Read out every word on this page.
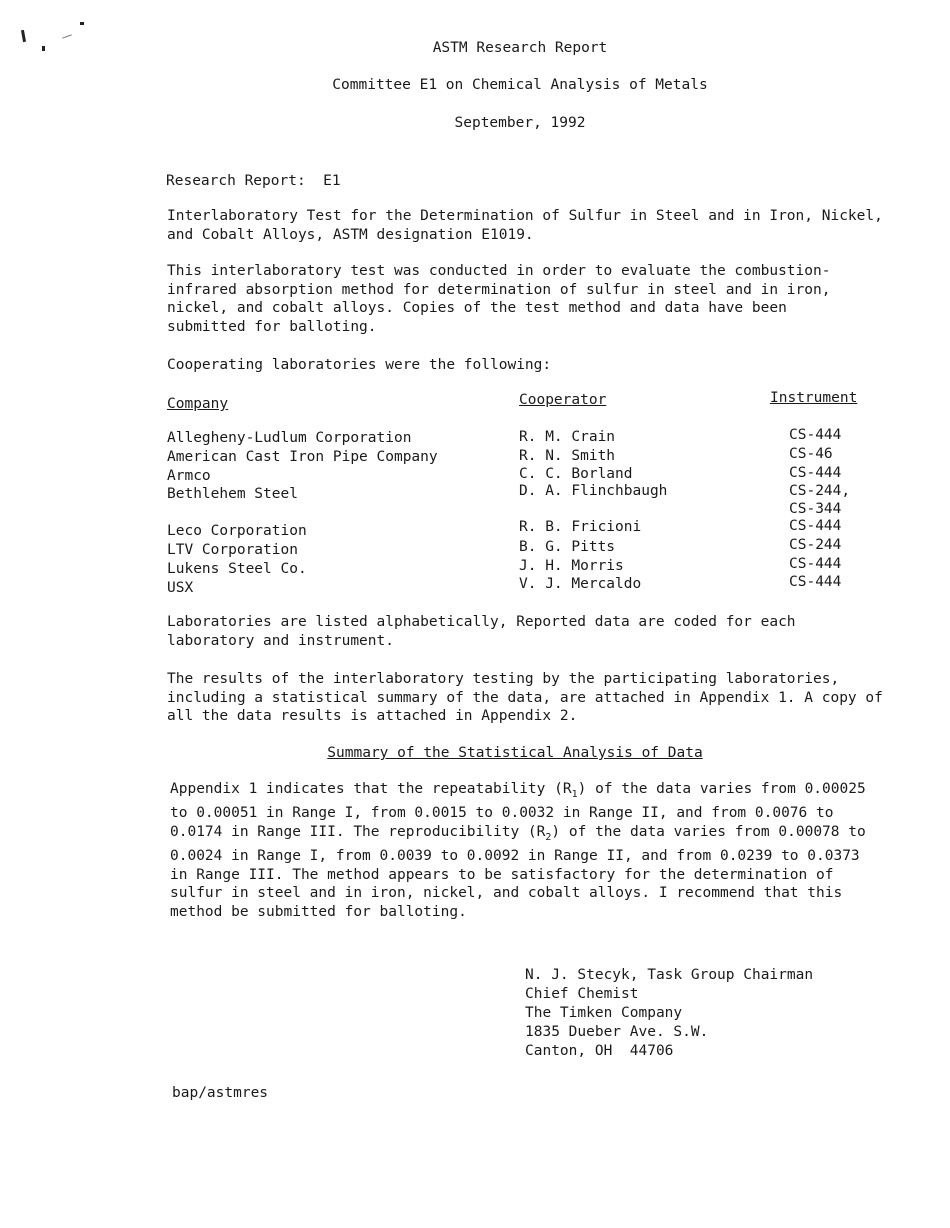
ASTM Research Report
Committee E1 on Chemical Analysis of Metals
September, 1992
Research Report:  E1
Interlaboratory Test for the Determination of Sulfur in Steel and in Iron, Nickel, and Cobalt Alloys, ASTM designation E1019.
This interlaboratory test was conducted in order to evaluate the combustion-infrared absorption method for determination of sulfur in steel and in iron, nickel, and cobalt alloys. Copies of the test method and data have been submitted for balloting.
Cooperating laboratories were the following:
Company	Cooperator	Instrument
Allegheny-Ludlum Corporation	R. M. Crain	CS-444
American Cast Iron Pipe Company	R. N. Smith	CS-46
Armco	C. C. Borland	CS-444
Bethlehem Steel	D. A. Flinchbaugh	CS-244,
CS-344
Leco Corporation	R. B. Fricioni	CS-444
LTV Corporation	B. G. Pitts	CS-244
Lukens Steel Co.	J. H. Morris	CS-444
USX	V. J. Mercaldo	CS-444
Laboratories are listed alphabetically, Reported data are coded for each laboratory and instrument.
The results of the interlaboratory testing by the participating laboratories, including a statistical summary of the data, are attached in Appendix 1. A copy of all the data results is attached in Appendix 2.
Summary of the Statistical Analysis of Data
Appendix 1 indicates that the repeatability $(R_1)$ of the data varies from 0.00025 to 0.00051 in Range I, from 0.0015 to 0.0032 in Range II, and from 0.0076 to 0.0174 in Range III. The reproducibility $(R_2)$ of the data varies from 0.00078 to 0.0024 in Range I, from 0.0039 to 0.0092 in Range II, and from 0.0239 to 0.0373 in Range III. The method appears to be satisfactory for the determination of sulfur in steel and in iron, nickel, and cobalt alloys. I recommend that this method be submitted for balloting.
N. J. Stecyk, Task Group Chairman
Chief Chemist
The Timken Company
1835 Dueber Ave. S.W.
Canton, OH  44706
bap/astmres
